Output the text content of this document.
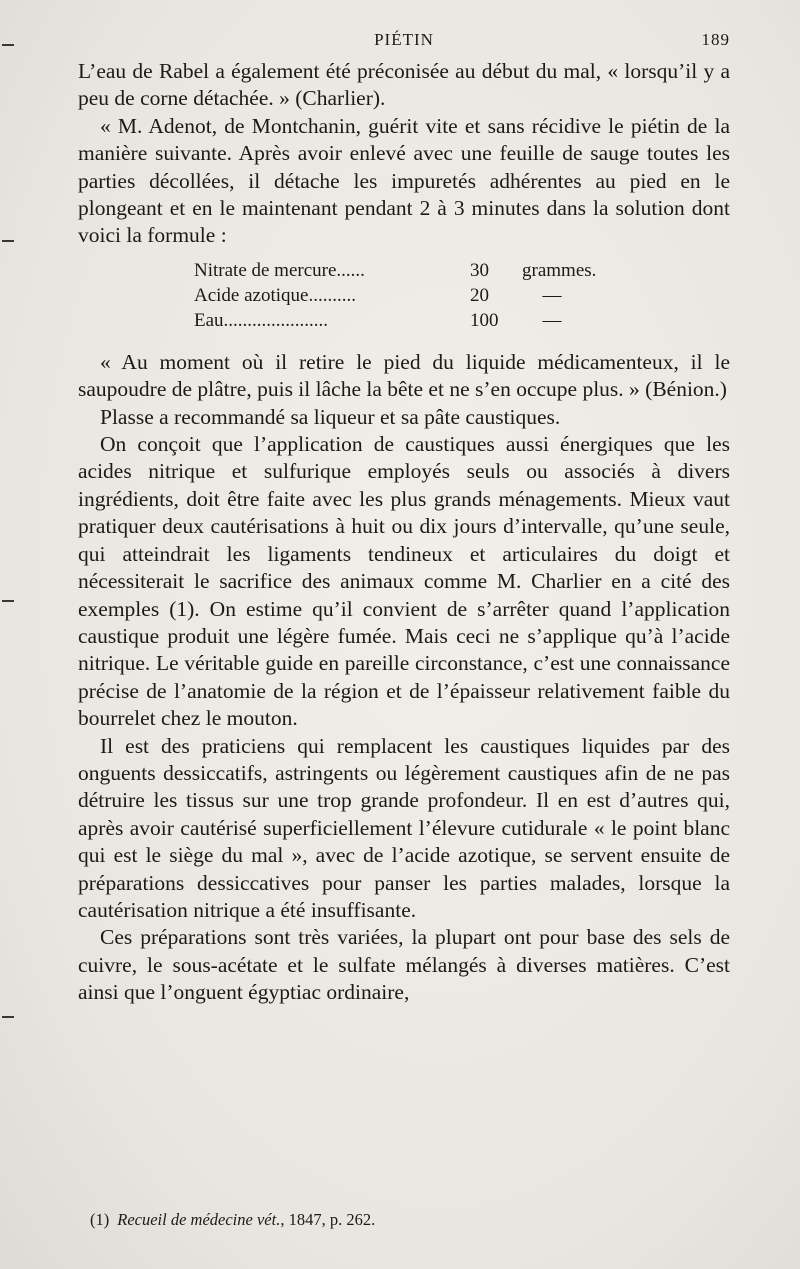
PIÉTIN	189

L’eau de Rabel a également été préconisée au début du mal, « lorsqu’il y a peu de corne détachée. » (Charlier).

« M. Adenot, de Montchanin, guérit vite et sans récidive le piétin de la manière suivante. Après avoir enlevé avec une feuille de sauge toutes les parties décollées, il détache les impuretés adhérentes au pied en le plongeant et en le maintenant pendant 2 à 3 minutes dans la solution dont voici la formule :

Nitrate de mercure......	30	grammes.
Acide azotique..........	20	—
Eau......................	100	—

« Au moment où il retire le pied du liquide médicamenteux, il le saupoudre de plâtre, puis il lâche la bête et ne s’en occupe plus. » (Bénion.)

Plasse a recommandé sa liqueur et sa pâte caustiques.

On conçoit que l’application de caustiques aussi énergiques que les acides nitrique et sulfurique employés seuls ou associés à divers ingrédients, doit être faite avec les plus grands ménagements. Mieux vaut pratiquer deux cautérisations à huit ou dix jours d’intervalle, qu’une seule, qui atteindrait les ligaments tendineux et articulaires du doigt et nécessiterait le sacrifice des animaux comme M. Charlier en a cité des exemples (1). On estime qu’il convient de s’arrêter quand l’application caustique produit une légère fumée. Mais ceci ne s’applique qu’à l’acide nitrique. Le véritable guide en pareille circonstance, c’est une connaissance précise de l’anatomie de la région et de l’épaisseur relativement faible du bourrelet chez le mouton.

Il est des praticiens qui remplacent les caustiques liquides par des onguents dessiccatifs, astringents ou légèrement caustiques afin de ne pas détruire les tissus sur une trop grande profondeur. Il en est d’autres qui, après avoir cautérisé superficiellement l’élevure cutidurale « le point blanc qui est le siège du mal », avec de l’acide azotique, se servent ensuite de préparations dessiccatives pour panser les parties malades, lorsque la cautérisation nitrique a été insuffisante.

Ces préparations sont très variées, la plupart ont pour base des sels de cuivre, le sous-acétate et le sulfate mélangés à diverses matières. C’est ainsi que l’onguent égyptiac ordinaire,

(1) Recueil de médecine vét., 1847, p. 262.
